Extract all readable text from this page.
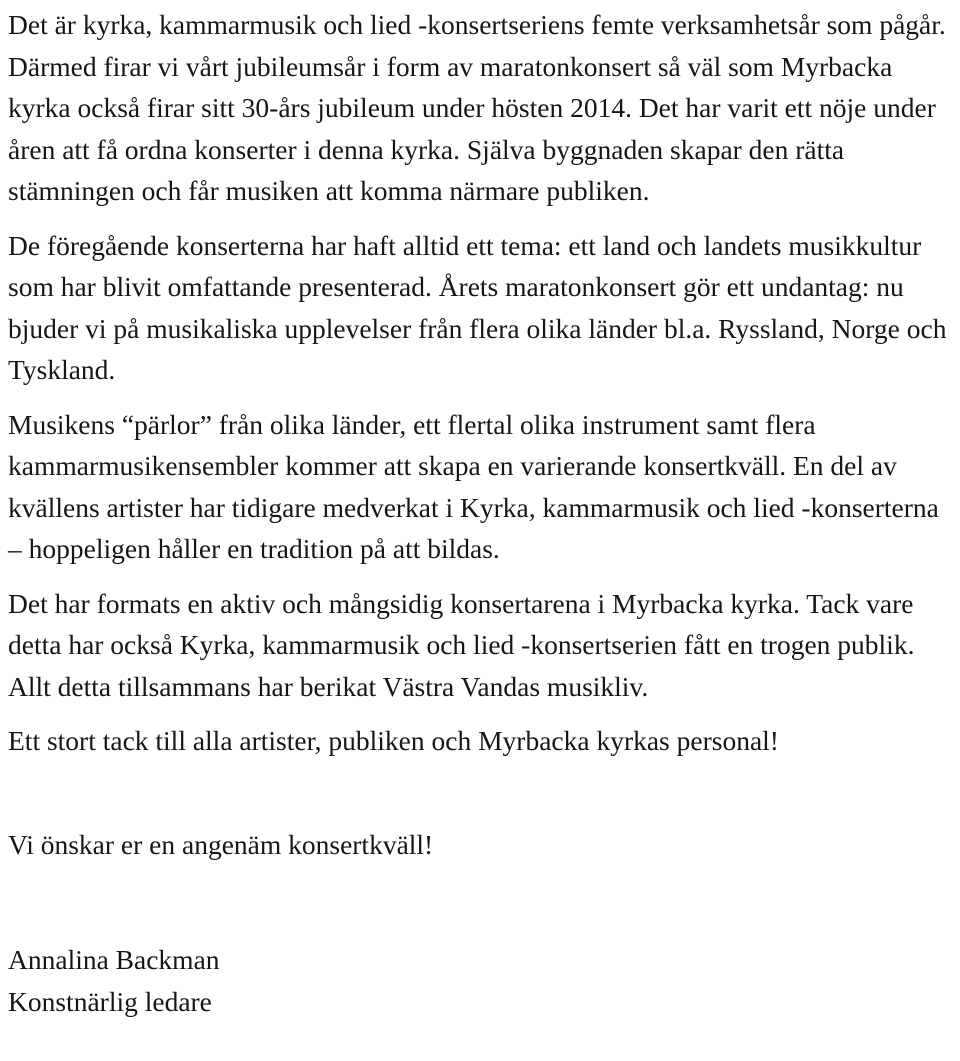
Det är kyrka, kammarmusik och lied -konsertseriens femte verksamhetsår som pågår. Därmed firar vi vårt jubileumsår i form av maratonkonsert så väl som Myrbacka kyrka också firar sitt 30-års jubileum under hösten 2014. Det har varit ett nöje under åren att få ordna konserter i denna kyrka. Själva byggnaden skapar den rätta stämningen och får musiken att komma närmare publiken.

De föregående konserterna har haft alltid ett tema: ett land och landets musikkultur som har blivit omfattande presenterad. Årets maratonkonsert gör ett undantag: nu bjuder vi på musikaliska upplevelser från flera olika länder bl.a. Ryssland, Norge och Tyskland.

Musikens “pärlor” från olika länder, ett flertal olika instrument samt flera kammarmusikensembler kommer att skapa en varierande konsertkväll. En del av kvällens artister har tidigare medverkat i Kyrka, kammarmusik och lied -konserterna – hoppeligen håller en tradition på att bildas.

Det har formats en aktiv och mångsidig konsertarena i Myrbacka kyrka. Tack vare detta har också Kyrka, kammarmusik och lied -konsertserien fått en trogen publik. Allt detta tillsammans har berikat Västra Vandas musikliv.

Ett stort tack till alla artister, publiken och Myrbacka kyrkas personal!

Vi önskar er en angenäm konsertkväll!

Annalina Backman

Konstnärlig ledare
